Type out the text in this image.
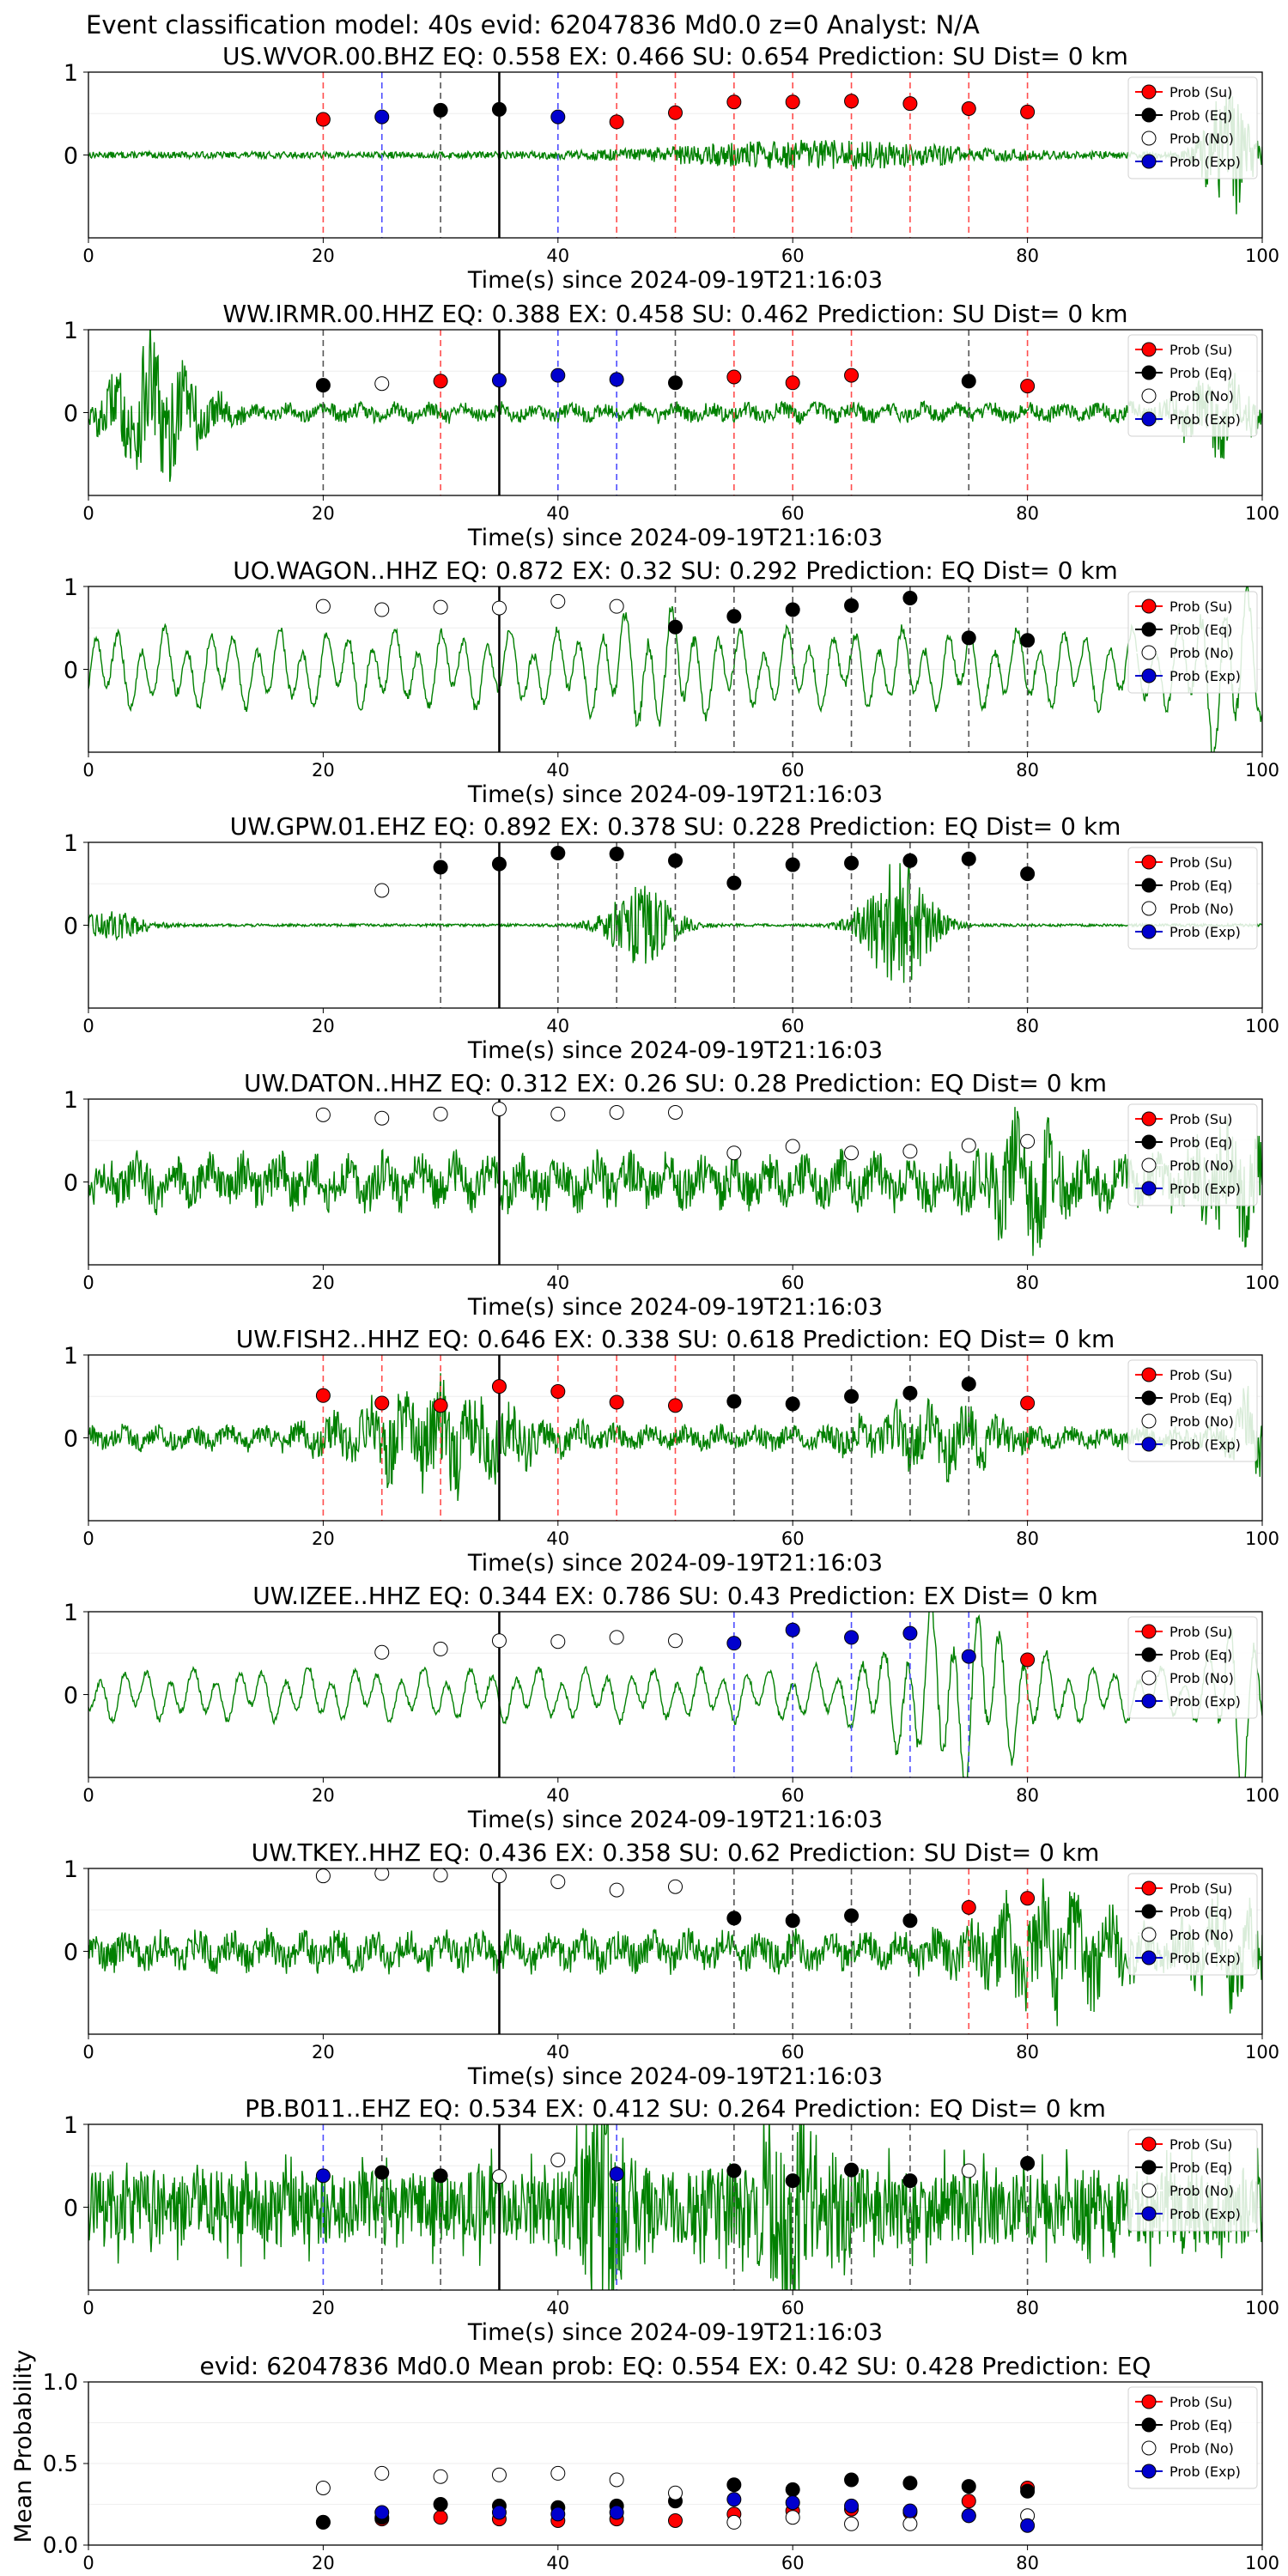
Event classification model: 40s evid: 62047836 Md0.0 z=0 Analyst: N/A
US.WVOR.00.BHZ EQ: 0.558 EX: 0.466 SU: 0.654 Prediction: SU Dist= 0 km
1
0
Time(s) since 2024-09-19T21:16:03
0	20	40	60	80	100
Prob (Su)
Prob (Eq)
Prob (No)
Prob (Exp)
WW.IRMR.00.HHZ EQ: 0.388 EX: 0.458 SU: 0.462 Prediction: SU Dist= 0 km
1
0
Time(s) since 2024-09-19T21:16:03
0	20	40	60	80	100
Prob (Su)
Prob (Eq)
Prob (No)
Prob (Exp)
UO.WAGON..HHZ EQ: 0.872 EX: 0.32 SU: 0.292 Prediction: EQ Dist= 0 km
1
0
Time(s) since 2024-09-19T21:16:03
0	20	40	60	80	100
Prob (Su)
Prob (Eq)
Prob (No)
Prob (Exp)
UW.GPW.01.EHZ EQ: 0.892 EX: 0.378 SU: 0.228 Prediction: EQ Dist= 0 km
1
0
Time(s) since 2024-09-19T21:16:03
0	20	40	60	80	100
Prob (Su)
Prob (Eq)
Prob (No)
Prob (Exp)
UW.DATON..HHZ EQ: 0.312 EX: 0.26 SU: 0.28 Prediction: EQ Dist= 0 km
1
0
Time(s) since 2024-09-19T21:16:03
0	20	40	60	80	100
Prob (Su)
Prob (Eq)
Prob (No)
Prob (Exp)
UW.FISH2..HHZ EQ: 0.646 EX: 0.338 SU: 0.618 Prediction: EQ Dist= 0 km
1
0
Time(s) since 2024-09-19T21:16:03
0	20	40	60	80	100
Prob (Su)
Prob (Eq)
Prob (No)
Prob (Exp)
UW.IZEE..HHZ EQ: 0.344 EX: 0.786 SU: 0.43 Prediction: EX Dist= 0 km
1
0
Time(s) since 2024-09-19T21:16:03
0	20	40	60	80	100
Prob (Su)
Prob (Eq)
Prob (No)
Prob (Exp)
UW.TKEY..HHZ EQ: 0.436 EX: 0.358 SU: 0.62 Prediction: SU Dist= 0 km
1
0
Time(s) since 2024-09-19T21:16:03
0	20	40	60	80	100
Prob (Su)
Prob (Eq)
Prob (No)
Prob (Exp)
PB.B011..EHZ EQ: 0.534 EX: 0.412 SU: 0.264 Prediction: EQ Dist= 0 km
1
0
Time(s) since 2024-09-19T21:16:03
0	20	40	60	80	100
Prob (Su)
Prob (Eq)
Prob (No)
Prob (Exp)
evid: 62047836 Md0.0 Mean prob: EQ: 0.554 EX: 0.42 SU: 0.428 Prediction: EQ
1.0
0.5
0.0
Mean Probability
0	20	40	60	80	100
Prob (Su)
Prob (Eq)
Prob (No)
Prob (Exp)
